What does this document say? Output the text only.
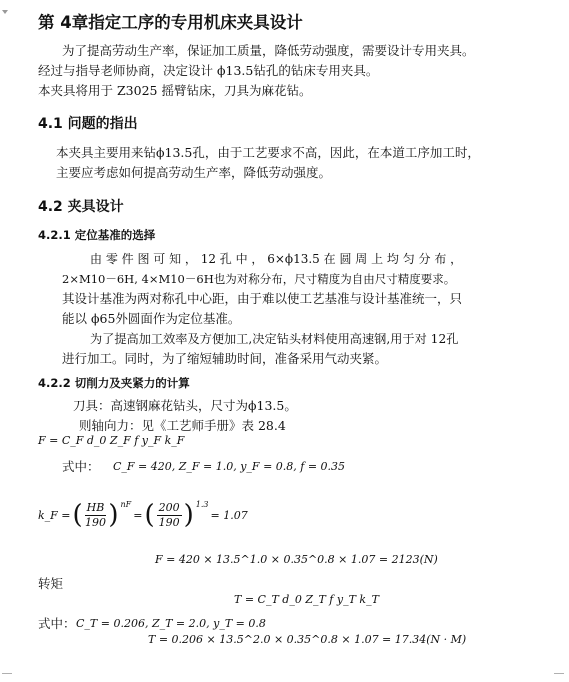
第 4章指定工序的专用机床夹具设计
为了提高劳动生产率，保证加工质量，降低劳动强度，需要设计专用夹具。
经过与指导老师协商，决定设计 ϕ13.5钻孔的钻床专用夹具。
本夹具将用于 Z3025 摇臂钻床，刀具为麻花钻。
4.1 问题的指出
本夹具主要用来钻ϕ13.5孔，由于工艺要求不高，因此，在本道工序加工时，
主要应考虑如何提高劳动生产率，降低劳动强度。
4.2 夹具设计
4.2.1 定位基准的选择
由 零 件 图 可 知 ， 12 孔 中 ， 6×ϕ13.5 在 圆 周 上 均 匀 分 布 ，
2×M10－6H, 4×M10－6H也为对称分布，尺寸精度为自由尺寸精度要求。
其设计基准为两对称孔中心距，由于难以使工艺基准与设计基准统一，只
能以 ϕ65外圆面作为定位基准。
为了提高加工效率及方便加工,决定钻头材料使用高速钢,用于对 12孔
进行加工。同时，为了缩短辅助时间，准备采用气动夹紧。
4.2.2 切削力及夹紧力的计算
刀具：高速钢麻花钻头，尺寸为ϕ13.5。
则轴向力：见《工艺师手册》表 28.4
F = C_F d_0 Z_F f y_F k_F
式中： C_F = 420, Z_F = 1.0, y_F = 0.8, f = 0.35
k_F = ( $\frac{HB}{190}$ ) $^{nF}$
= ( $\frac{200}{190}$ ) $^{1.3}$
= 1.07
F = 420 × 13.5^1.0 × 0.35^0.8 × 1.07 = 2123(N)
转矩
T = C_T d_0 Z_T f y_T k_T
式中： C_T = 0.206, Z_T = 2.0, y_T = 0.8
T = 0.206 × 13.5^2.0 × 0.35^0.8 × 1.07 = 17.34(N · M)
